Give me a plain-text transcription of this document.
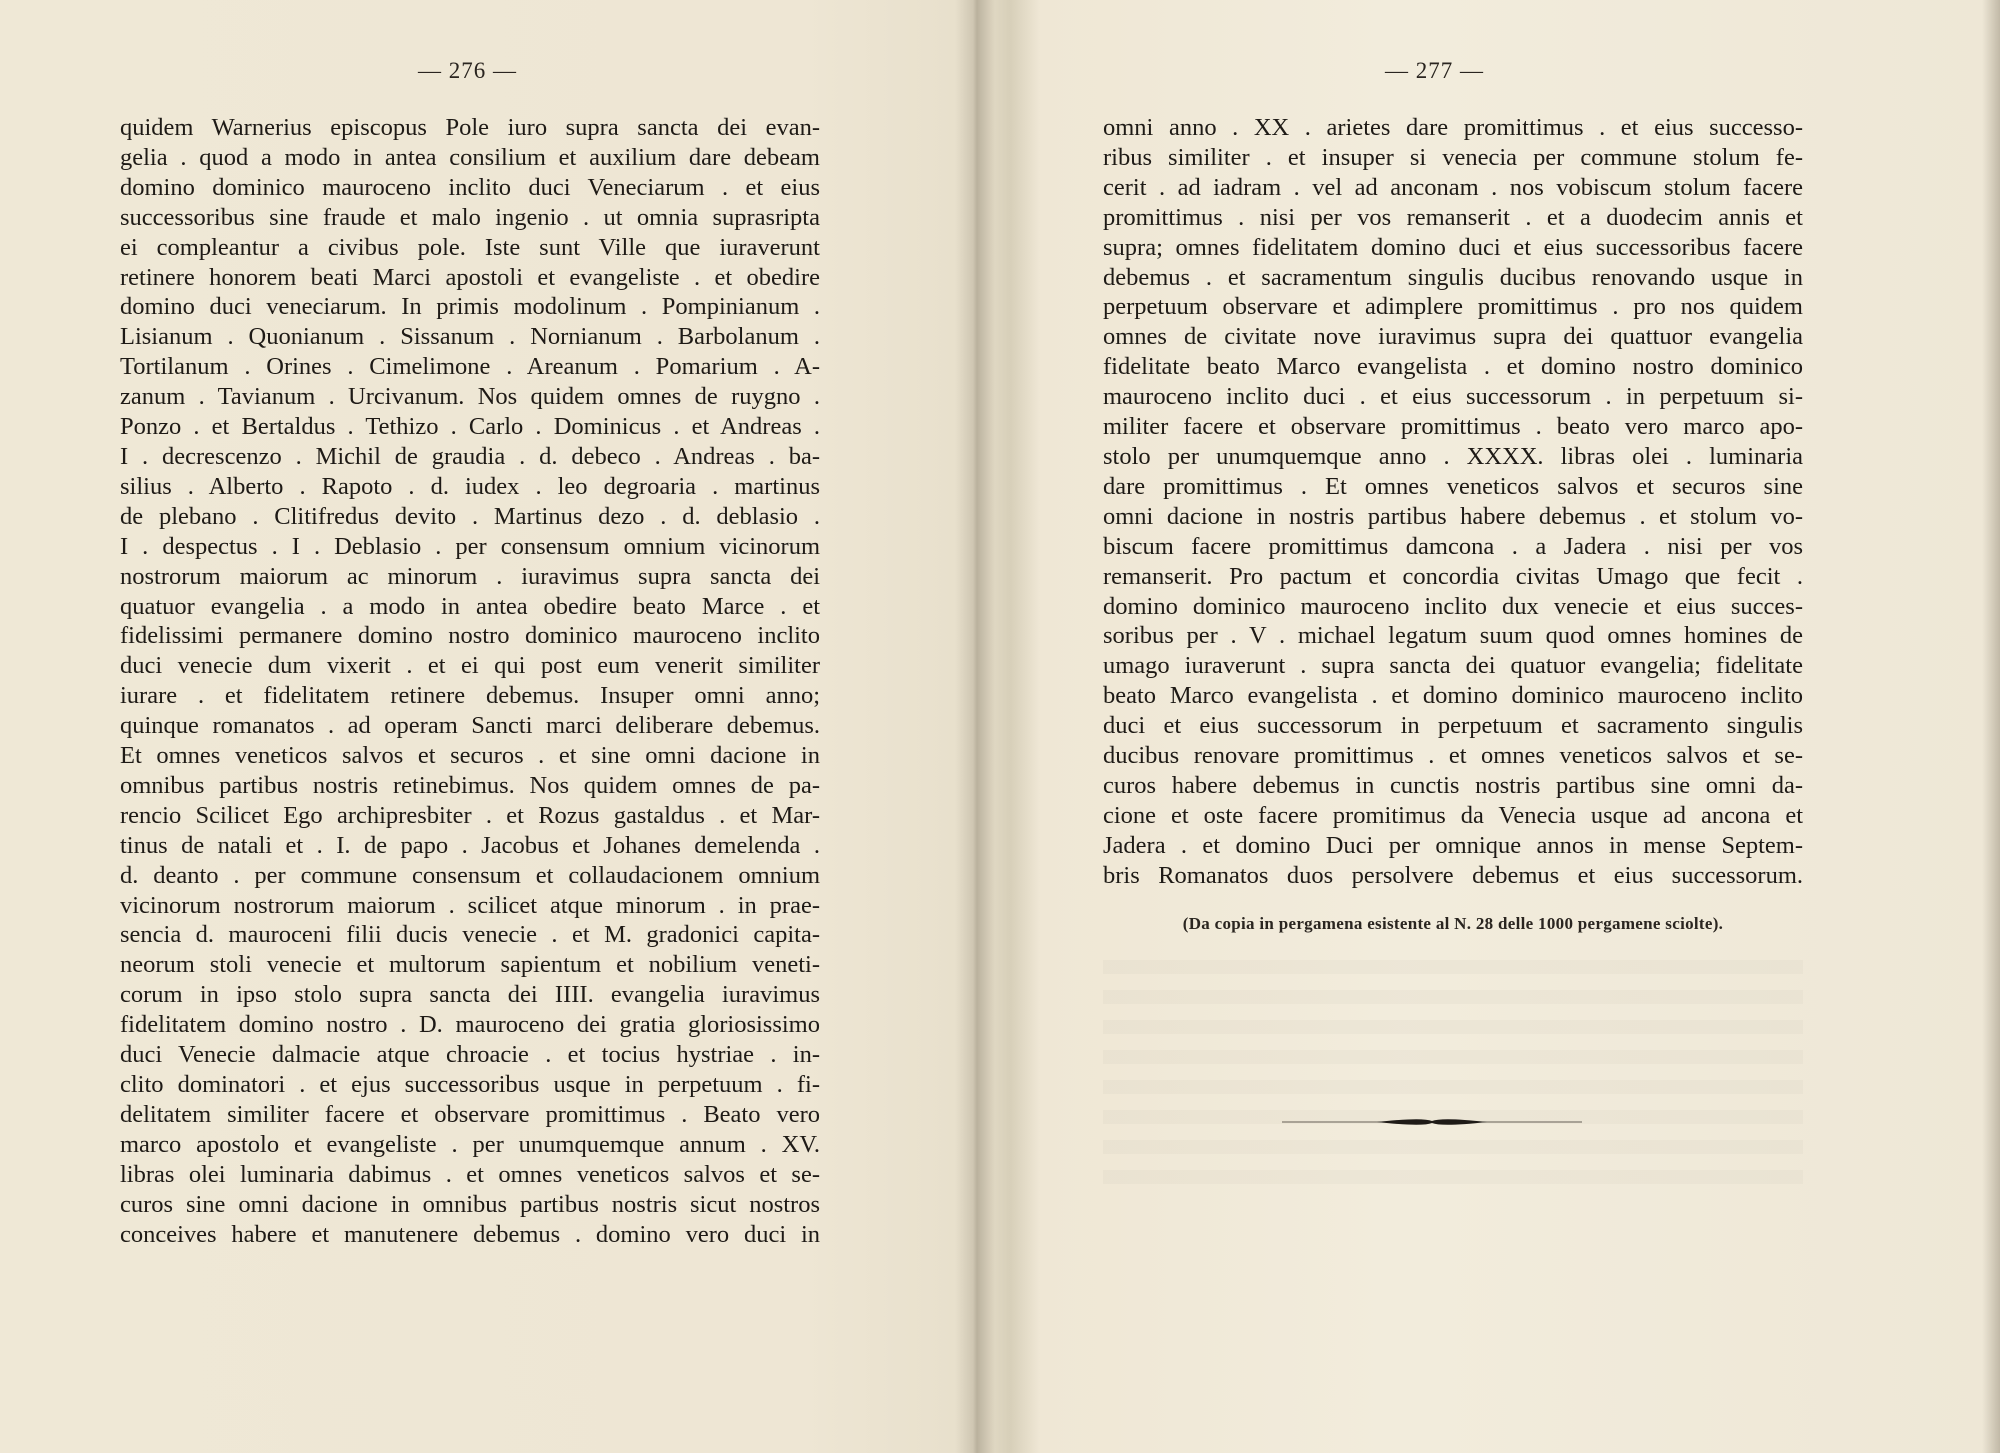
— 276 —
quidem Warnerius episcopus Pole iuro supra sancta dei evan-
gelia . quod a modo in antea consilium et auxilium dare debeam
domino dominico mauroceno inclito duci Veneciarum . et eius
successoribus sine fraude et malo ingenio . ut omnia suprasripta
ei compleantur a civibus pole. Iste sunt Ville que iuraverunt
retinere honorem beati Marci apostoli et evangeliste . et obedire
domino duci veneciarum. In primis modolinum . Pompinianum .
Lisianum . Quonianum . Sissanum . Nornianum . Barbolanum .
Tortilanum . Orines . Cimelimone . Areanum . Pomarium . A-
zanum . Tavianum . Urcivanum. Nos quidem omnes de ruygno .
Ponzo . et Bertaldus . Tethizo . Carlo . Dominicus . et Andreas .
I . decrescenzo . Michil de graudia . d. debeco . Andreas . ba-
silius . Alberto . Rapoto . d. iudex . leo degroaria . martinus
de plebano . Clitifredus devito . Martinus dezo . d. deblasio .
I . despectus . I . Deblasio . per consensum omnium vicinorum
nostrorum maiorum ac minorum . iuravimus supra sancta dei
quatuor evangelia . a modo in antea obedire beato Marce . et
fidelissimi permanere domino nostro dominico mauroceno inclito
duci venecie dum vixerit . et ei qui post eum venerit similiter
iurare . et fidelitatem retinere debemus. Insuper omni anno;
quinque romanatos . ad operam Sancti marci deliberare debemus.
Et omnes veneticos salvos et securos . et sine omni dacione in
omnibus partibus nostris retinebimus. Nos quidem omnes de pa-
rencio Scilicet Ego archipresbiter . et Rozus gastaldus . et Mar-
tinus de natali et . I. de papo . Jacobus et Johanes demelenda .
d. deanto . per commune consensum et collaudacionem omnium
vicinorum nostrorum maiorum . scilicet atque minorum . in prae-
sencia d. mauroceni filii ducis venecie . et M. gradonici capita-
neorum stoli venecie et multorum sapientum et nobilium veneti-
corum in ipso stolo supra sancta dei IIII. evangelia iuravimus
fidelitatem domino nostro . D. mauroceno dei gratia gloriosissimo
duci Venecie dalmacie atque chroacie . et tocius hystriae . in-
clito dominatori . et ejus successoribus usque in perpetuum . fi-
delitatem similiter facere et observare promittimus . Beato vero
marco apostolo et evangeliste . per unumquemque annum . XV.
libras olei luminaria dabimus . et omnes veneticos salvos et se-
curos sine omni dacione in omnibus partibus nostris sicut nostros
conceives habere et manutenere debemus . domino vero duci in
— 277 —
omni anno . XX . arietes dare promittimus . et eius successo-
ribus similiter . et insuper si venecia per commune stolum fe-
cerit . ad iadram . vel ad anconam . nos vobiscum stolum facere
promittimus . nisi per vos remanserit . et a duodecim annis et
supra; omnes fidelitatem domino duci et eius successoribus facere
debemus . et sacramentum singulis ducibus renovando usque in
perpetuum observare et adimplere promittimus . pro nos quidem
omnes de civitate nove iuravimus supra dei quattuor evangelia
fidelitate beato Marco evangelista . et domino nostro dominico
mauroceno inclito duci . et eius successorum . in perpetuum si-
militer facere et observare promittimus . beato vero marco apo-
stolo per unumquemque anno . XXXX. libras olei . luminaria
dare promittimus . Et omnes veneticos salvos et securos sine
omni dacione in nostris partibus habere debemus . et stolum vo-
biscum facere promittimus damcona . a Jadera . nisi per vos
remanserit. Pro pactum et concordia civitas Umago que fecit .
domino dominico mauroceno inclito dux venecie et eius succes-
soribus per . V . michael legatum suum quod omnes homines de
umago iuraverunt . supra sancta dei quatuor evangelia; fidelitate
beato Marco evangelista . et domino dominico mauroceno inclito
duci et eius successorum in perpetuum et sacramento singulis
ducibus renovare promittimus . et omnes veneticos salvos et se-
curos habere debemus in cunctis nostris partibus sine omni da-
cione et oste facere promitimus da Venecia usque ad ancona et
Jadera . et domino Duci per omnique annos in mense Septem-
bris Romanatos duos persolvere debemus et eius successorum.
(Da copia in pergamena esistente al N. 28 delle 1000 pergamene sciolte).
